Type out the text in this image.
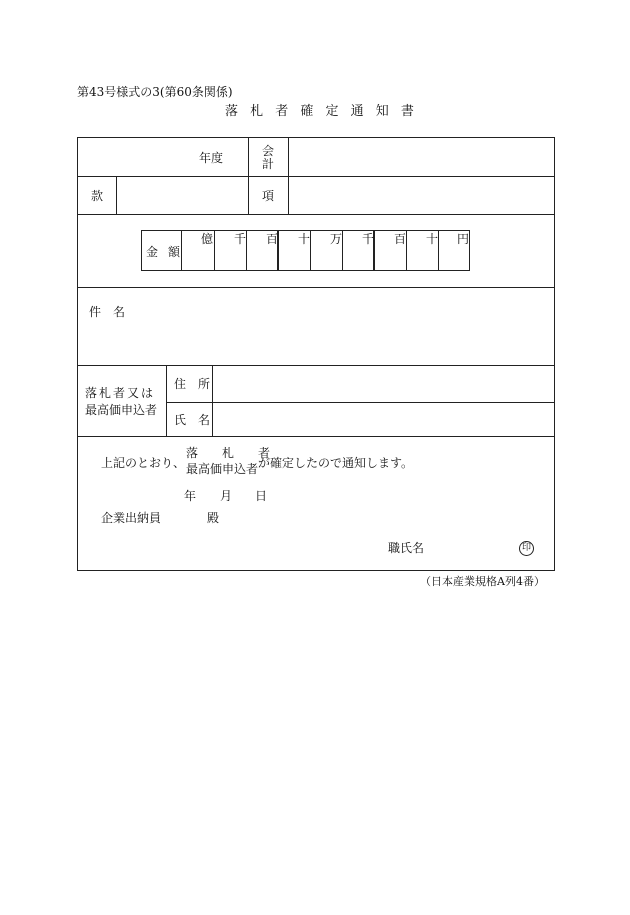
第43号様式の3(第60条関係)
落 札 者 確 定 通 知 書
年度	会
計
款	項
金 額
億 千 百 十 万 千 百 十 円
件　名
落札者又は
最高価申込者
住　所
氏　名
上記のとおり、
落　　札　　者
最高価申込者 が確定したので通知します。
年 月 日
企業出納員	殿
職氏名	印
（日本産業規格A列4番）
